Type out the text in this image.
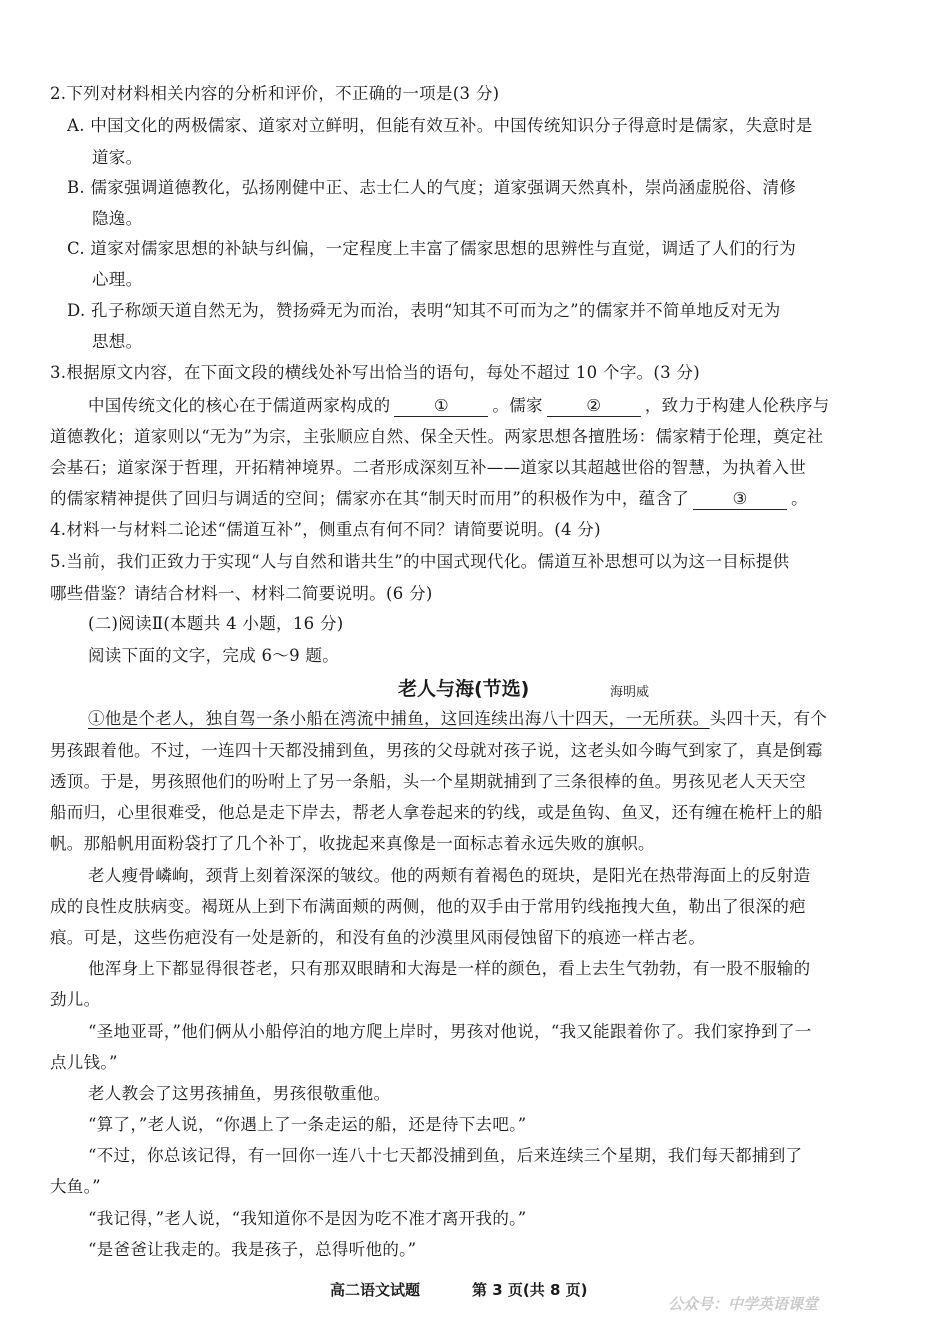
2.下列对材料相关内容的分析和评价，不正确的一项是(3 分)
A. 中国文化的两极儒家、道家对立鲜明，但能有效互补。中国传统知识分子得意时是儒家，失意时是
道家。
B. 儒家强调道德教化，弘扬刚健中正、志士仁人的气度；道家强调天然真朴，崇尚涵虚脱俗、清修
隐逸。
C. 道家对儒家思想的补缺与纠偏，一定程度上丰富了儒家思想的思辨性与直觉，调适了人们的行为
心理。
D. 孔子称颂天道自然无为，赞扬舜无为而治，表明“知其不可而为之”的儒家并不简单地反对无为
思想。
3.根据原文内容，在下面文段的横线处补写出恰当的语句，每处不超过 10 个字。(3 分)
中国传统文化的核心在于儒道两家构成的	①	。儒家	②	，致力于构建人伦秩序与
道德教化；道家则以“无为”为宗，主张顺应自然、保全天性。两家思想各擅胜场：儒家精于伦理，奠定社
会基石；道家深于哲理，开拓精神境界。二者形成深刻互补——道家以其超越世俗的智慧，为执着入世
的儒家精神提供了回归与调适的空间；儒家亦在其“制天时而用”的积极作为中，蕴含了	③	。
4.材料一与材料二论述“儒道互补”，侧重点有何不同？请简要说明。(4 分)
5.当前，我们正致力于实现“人与自然和谐共生”的中国式现代化。儒道互补思想可以为这一目标提供
哪些借鉴？请结合材料一、材料二简要说明。(6 分)
(二)阅读Ⅱ(本题共 4 小题，16 分)
阅读下面的文字，完成 6～9 题。
老人与海(节选)	海明威
①他是个老人，独自驾一条小船在湾流中捕鱼，这回连续出海八十四天，一无所获。头四十天，有个
男孩跟着他。不过，一连四十天都没捕到鱼，男孩的父母就对孩子说，这老头如今晦气到家了，真是倒霉
透顶。于是，男孩照他们的吩咐上了另一条船，头一个星期就捕到了三条很棒的鱼。男孩见老人天天空
船而归，心里很难受，他总是走下岸去，帮老人拿卷起来的钓线，或是鱼钩、鱼叉，还有缠在桅杆上的船
帆。那船帆用面粉袋打了几个补丁，收拢起来真像是一面标志着永远失败的旗帜。
老人瘦骨嶙峋，颈背上刻着深深的皱纹。他的两颊有着褐色的斑块，是阳光在热带海面上的反射造
成的良性皮肤病变。褐斑从上到下布满面颊的两侧，他的双手由于常用钓线拖拽大鱼，勒出了很深的疤
痕。可是，这些伤疤没有一处是新的，和没有鱼的沙漠里风雨侵蚀留下的痕迹一样古老。
他浑身上下都显得很苍老，只有那双眼睛和大海是一样的颜色，看上去生气勃勃，有一股不服输的
劲儿。
“圣地亚哥，”他们俩从小船停泊的地方爬上岸时，男孩对他说，“我又能跟着你了。我们家挣到了一
点儿钱。”
老人教会了这男孩捕鱼，男孩很敬重他。
“算了，”老人说，“你遇上了一条走运的船，还是待下去吧。”
“不过，你总该记得，有一回你一连八十七天都没捕到鱼，后来连续三个星期，我们每天都捕到了
大鱼。”
“我记得，”老人说，“我知道你不是因为吃不准才离开我的。”
“是爸爸让我走的。我是孩子，总得听他的。”
高二语文试题	第 3 页(共 8 页)
公众号：中学英语课堂
